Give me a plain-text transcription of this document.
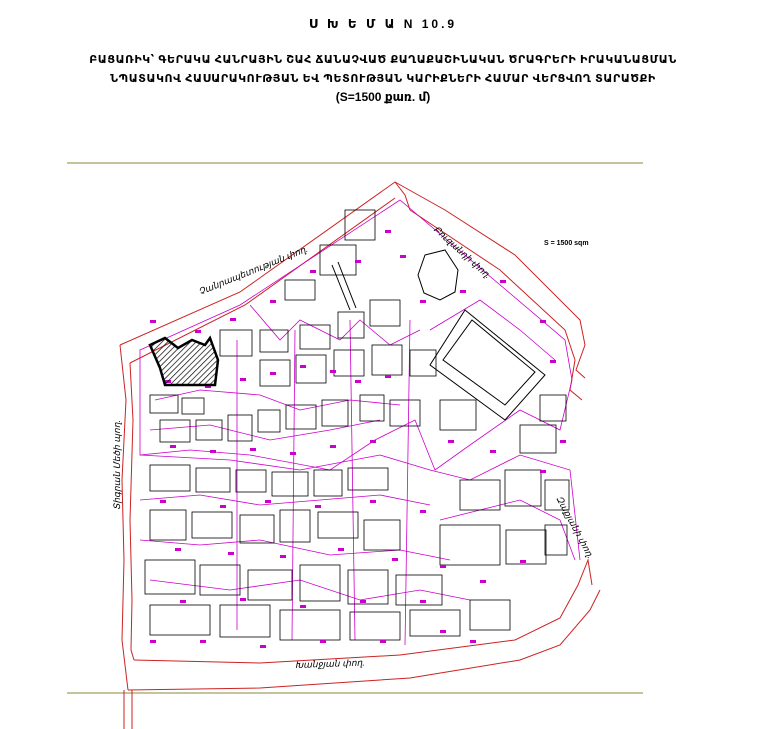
Ս Խ Ե Մ Ա N 10.9
ԲԱՑԱՌԻԿ՝ ԳԵՐԱԿԱ ՀԱՆՐԱՅԻՆ ՇԱՀ ՃԱՆԱՉՎԱԾ ՔԱՂԱՔԱՇԻՆԱԿԱՆ ԾՐԱԳՐԵՐԻ ԻՐԱԿԱՆԱՑՄԱՆ
ՆՊԱՏԱԿՈՎ ՀԱՍԱՐԱԿՈՒԹՅԱՆ ԵՎ ՊԵՏՈՒԹՅԱՆ ԿԱՐԻՔՆԵՐԻ ՀԱՄԱՐ ՎԵՐՑՎՈՂ ՏԱՐԱԾՔԻ
(S=1500 քառ. մ)
S = 1500 sqm
Չանրապետության փող.	Բուզանդի փող.
Տիգրան Մեծի պող.
Զաքյանի փող.
Խանջյան փող.
